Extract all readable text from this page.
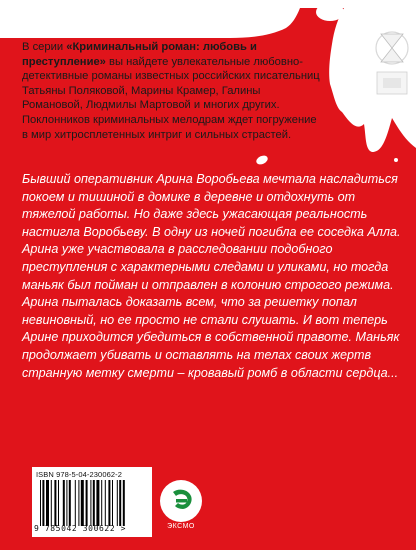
В серии «Криминальный роман: любовь и преступление» вы найдете увлекательные любовно-детективные романы известных российских писательниц Татьяны Поляковой, Марины Крамер, Галины Романовой, Людмилы Мартовой и многих других. Поклонников криминальных мелодрам ждет погружение в мир хитросплетенных интриг и сильных страстей.

Бывший оперативник Арина Воробьева мечтала насладиться покоем и тишиной в домике в деревне и отдохнуть от тяжелой работы. Но даже здесь ужасающая реальность настигла Воробьеву. В одну из ночей погибла ее соседка Алла. Арина уже участвовала в расследовании подобного преступления с характерными следами и уликами, но тогда маньяк был пойман и отправлен в колонию строгого режима. Арина пыталась доказать всем, что за решетку попал невиновный, но ее просто не стали слушать. И вот теперь Арине приходится убедиться в собственной правоте. Маньяк продолжает убивать и оставлять на телах своих жертв странную метку смерти – кровавый ромб в области сердца...

ISBN 978-5-04-230062-2
9 785042 300622 >	ЭКСМО
